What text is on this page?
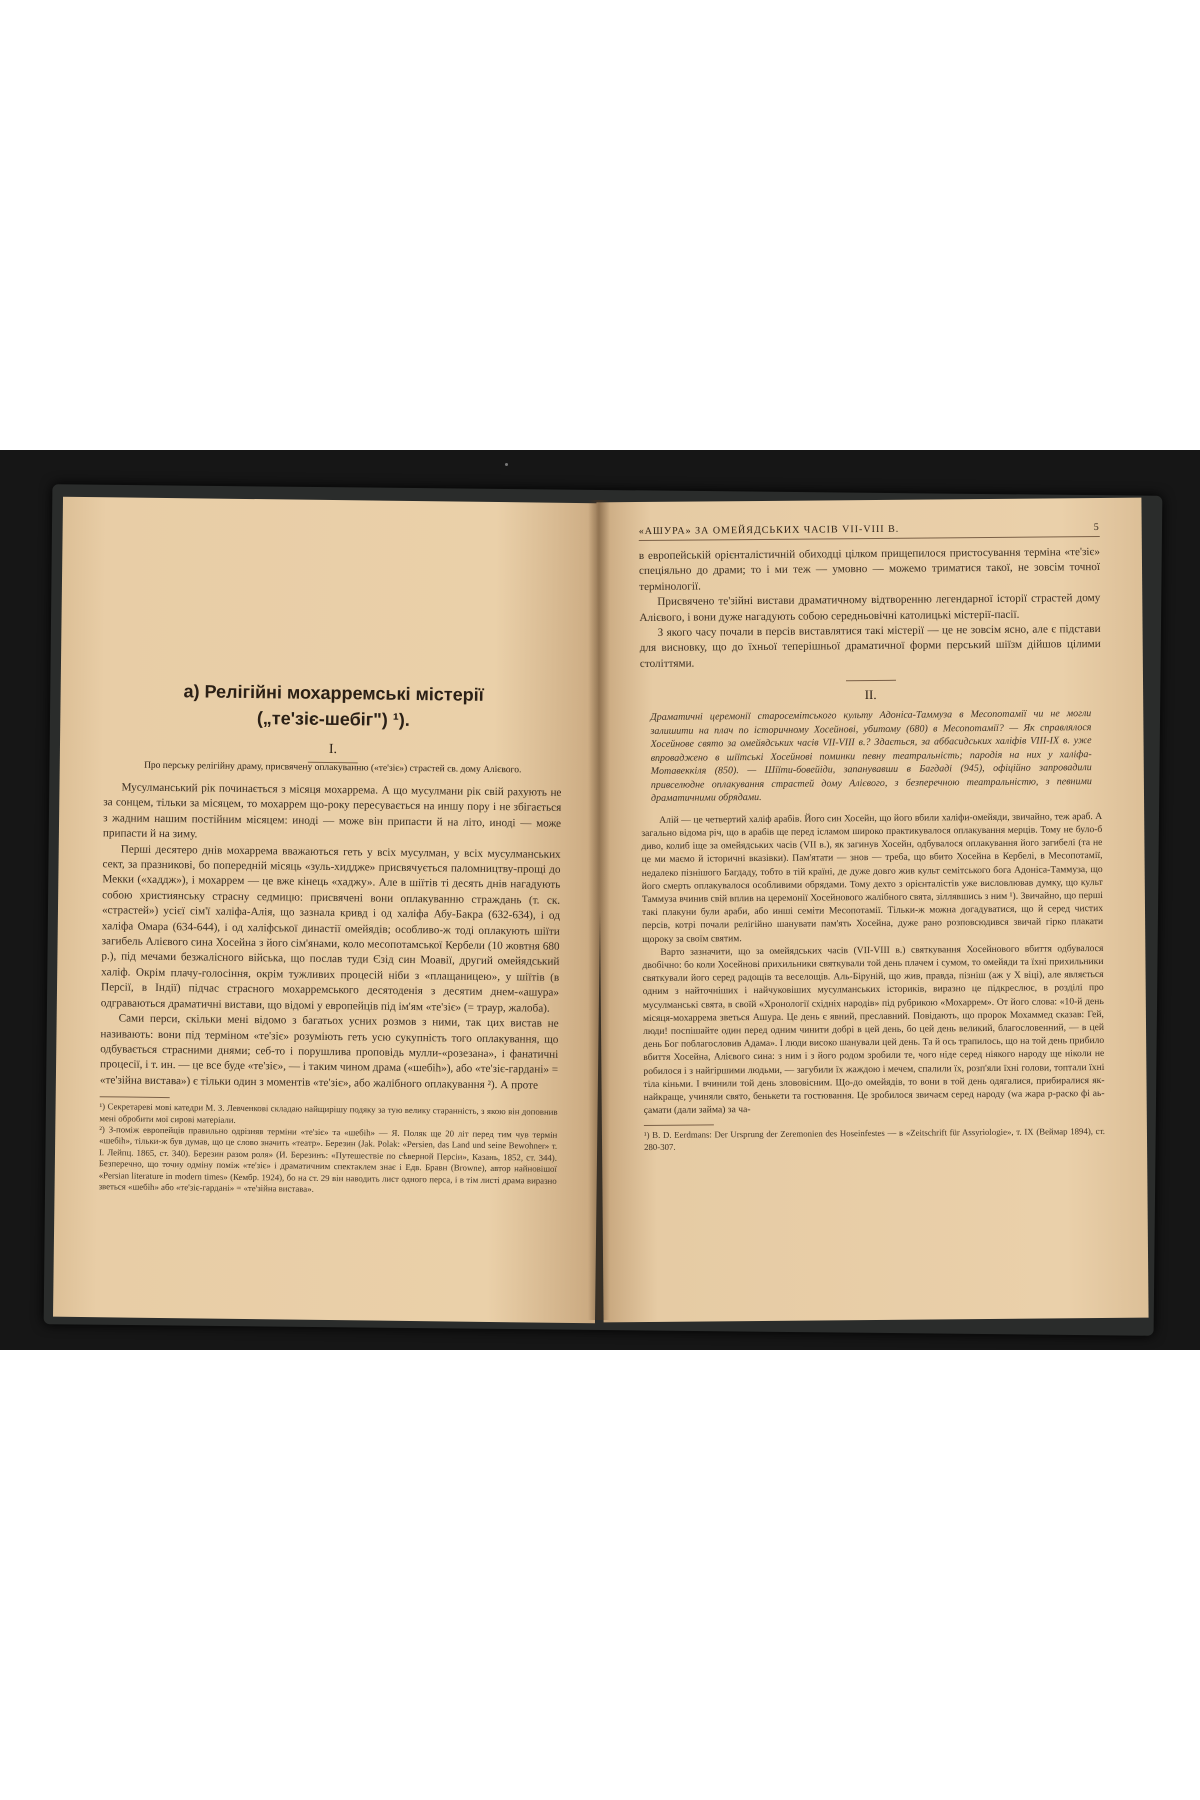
а) Релігійні мохарремські містерії
(„те'зіє-шебіг") ¹).
I.
Про перську релігійну драму, присвячену оплакуванню («те'зіє») страстей св. дому Алієвого.

Мусулманський рік починається з місяця мохаррема. А що мусулмани рік свій рахують не за сонцем, тільки за місяцем, то мохаррем що-року пересувається на иншу пору і не збігається з жадним нашим постійним місяцем: иноді — може він припасти й на літо, иноді — може припасти й на зиму.

Перші десятеро днів мохаррема вважаються геть у всіх мусулман, у всіх мусулманських сект, за празникові, бо попередній місяць «зуль-хиддже» присвячується паломництву-прощі до Мекки («хаддж»), і мохаррем — це вже кінець «хаджу». Але в шіїтів ті десять днів нагадують собою християнську страсну седмицю: присвячені вони оплакуванню страждань (т. ск. «страстей») усієї сім'ї халіфа-Алія, що зазнала кривд і од халіфа Абу-Бакра (632-634), і од халіфа Омара (634-644), і од халіфської династії омейядів; особливо-ж тоді оплакують шіїти загибель Алієвого сина Хосейна з його сім'янами, коло месопотамської Кербели (10 жовтня 680 р.), під мечами безжалісного війська, що послав туди Єзід син Моавії, другий омейядський халіф. Окрім плачу-голосіння, окрім тужливих процесій ніби з «плащаницею», у шіїтів (в Персії, в Індії) підчас страсного мохарремського десятоденія з десятим днем-«ашура» одграваються драматичні вистави, що відомі у европейців під ім'ям «те'зіє» (= траур, жалоба).

Сами перси, скільки мені відомо з багатьох усних розмов з ними, так цих вистав не називають: вони під терміном «те'зіє» розуміють геть усю сукупність того оплакування, що одбувається страсними днями; себ-то і порушлива проповідь мулли-«розезана», і фанатичні процесії, і т. ин. — це все буде «те'зіє», — і таким чином драма («шебіһ»), або «те'зіє-гардані» = «те'зійна вистава») є тільки один з моментів «те'зіє», або жалібного оплакування ²). А проте

¹) Секретареві мові катедри М. З. Левченкові складаю найщирішу подяку за тую велику старанність, з якою він доповнив мені обробити мої сирові матеріали.

²) З-поміж европейців правильно одрізняв терміни «те'зіє» та «шебіһ» — Я. Поляк ще 20 літ перед тим чув термін «шебіһ», тільки-ж був думав, що це слово значить «театр». Березин (Jak. Polak: «Persien, das Land und seine Bewohner» т. I. Лейпц. 1865, ст. 340). Березин разом роля» (И. Березинъ: «Путешествіе по сѣверной Персіи», Казань, 1852, ст. 344). Безперечно, що точну одміну поміж «те'зіє» і драматичним спектаклем знає і Едв. Бравн (Browne), автор найновішої «Persian literature in modern times» (Кембр. 1924), бо на ст. 29 він наводить лист одного перса, і в тім листі драма виразно зветься «шебіһ» або «те'зіє-гардані» = «те'зійна вистава».

«АШУРА» ЗА ОМЕЙЯДСЬКИХ ЧАСІВ VII-VIII В.	5

в европейській орієнталістичній обиходці цілком прищепилося пристосування терміна «те'зіє» спеціяльно до драми; то і ми теж — умовно — можемо триматися такої, не зовсім точної термінології.

Присвячено те'зійні вистави драматичному відтворенню легендарної історії страстей дому Алієвого, і вони дуже нагадують собою середньовічні католицькі містерії-пасії.

З якого часу почали в персів виставлятися такі містерії — це не зовсім ясно, але є підстави для висновку, що до їхньої теперішньої драматичної форми перський шіїзм дійшов цілими століттями.

II.

Драматичні церемонії старосемітського культу Адоніса-Таммуза в Месопотамії чи не могли залишити на плач по історичному Хосейнові, убитому (680) в Месопотамії? — Як справлялося Хосейнове свято за омейядських часів VII-VIII в.? Здається, за аббасидських халіфів VIII-IX в. уже впроваджено в шіїтські Хосейнові поминки певну театральність; пародія на них у халіфа-Мотавеккіля (850). — Шіїти-бовейіди, запанувавши в Багдаді (945), офіційно запровадили привселюдне оплакування страстей дому Алієвого, з безперечною театральністю, з певними драматичними обрядами.

Алій — це четвертий халіф арабів. Його син Хосейн, що його вбили халіфи-омейяди, звичайно, теж араб. А загально відома річ, що в арабів ще перед ісламом широко практикувалося оплакування мерців. Тому не було-б диво, колиб іще за омейядських часів (VII в.), як загинув Хосейн, одбувалося оплакування його загибелі (та не це ми маємо й історичні вказівки). Пам'ятати — знов — треба, що вбито Хосейна в Кербелі, в Месопотамії, недалеко пізнішого Багдаду, тобто в тій країні, де дуже довго жив культ семітського бога Адоніса-Таммуза, що його смерть оплакувалося особливими обрядами. Тому дехто з орієнталістів уже висловлював думку, що культ Таммуза вчинив свій вплив на церемонії Хосейнового жалібного свята, зіллявшись з ним ¹). Звичайно, що перші такі плакуни були араби, або иншi семіти Месопотамії. Тільки-ж можна догадуватися, що й серед чистих персів, котрі почали релігійно шанувати пам'ять Хосейна, дуже рано розповсюдився звичай гірко плакати щороку за своїм святим.

Варто зазначити, що за омейядських часів (VII-VIII в.) святкування Хосейнового вбиття одбувалося двобічно: бо коли Хосейнові прихильники святкували той день плачем і сумом, то омейяди та їхні прихильники святкували його серед радощів та веселощів. Аль-Біруній, що жив, правда, пізніш (аж у X віці), але являється одним з найточніших і найчуковіших мусулманських істориків, виразно це підкреслює, в розділі про мусулманські свята, в своїй «Хронології східніх народів» під рубрикою «Мохаррем». От його слова: «10-й день місяця-мохаррема зветься Ашура. Це день є явний, преславний. Повідають, що пророк Мохаммед сказав: Гей, люди! поспішайте один перед одним чинити добрі в цей день, бо цей день великий, благословенний, — в цей день Бог поблагословив Адама». І люди високо шанували цей день. Та й ось трапилось, що на той день прибило вбиття Хосейна, Алієвого сина: з ним і з його родом зробили те, чого ніде серед ніякого народу ще ніколи не робилося і з найгіршими людьми, — загубили їх жаждою і мечем, спалили їх, розп'яли їхні голови, топтали їхні тіла кіньми. І вчинили той день злововісним. Що-до омейядів, то вони в той день одягалися, прибиралися як-найкраще, учиняли свято, бенькети та гостювання. Це зробилося звичаєм серед народу (wa жара р-раско фі аь-ҫамати (дали займа) за ча-

¹) B. D. Eerdmans: Der Ursprung der Zeremonien des Hoseinfestes — в «Zeitschrift für Assyriologie», т. IX (Веймар 1894), ст. 280-307.
